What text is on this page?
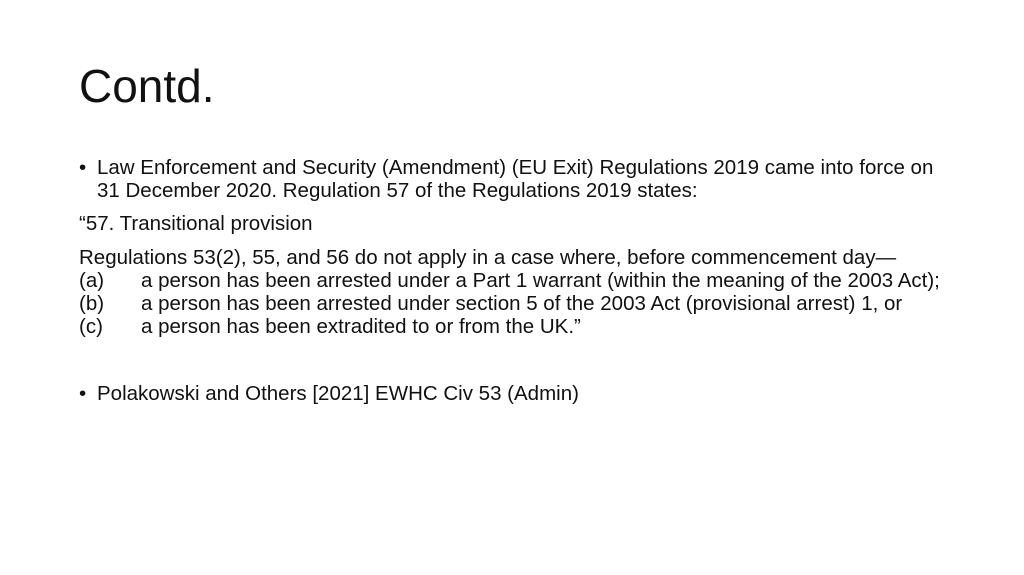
Contd.
• Law Enforcement and Security (Amendment) (EU Exit) Regulations 2019 came into force on 31 December 2020. Regulation 57 of the Regulations 2019 states:

“57. Transitional provision

Regulations 53(2), 55, and 56 do not apply in a case where, before commencement day—

(a) a person has been arrested under a Part 1 warrant (within the meaning of the 2003 Act);

(b) a person has been arrested under section 5 of the 2003 Act (provisional arrest) 1, or

(c) a person has been extradited to or from the UK.”

• Polakowski and Others [2021] EWHC Civ 53 (Admin)
